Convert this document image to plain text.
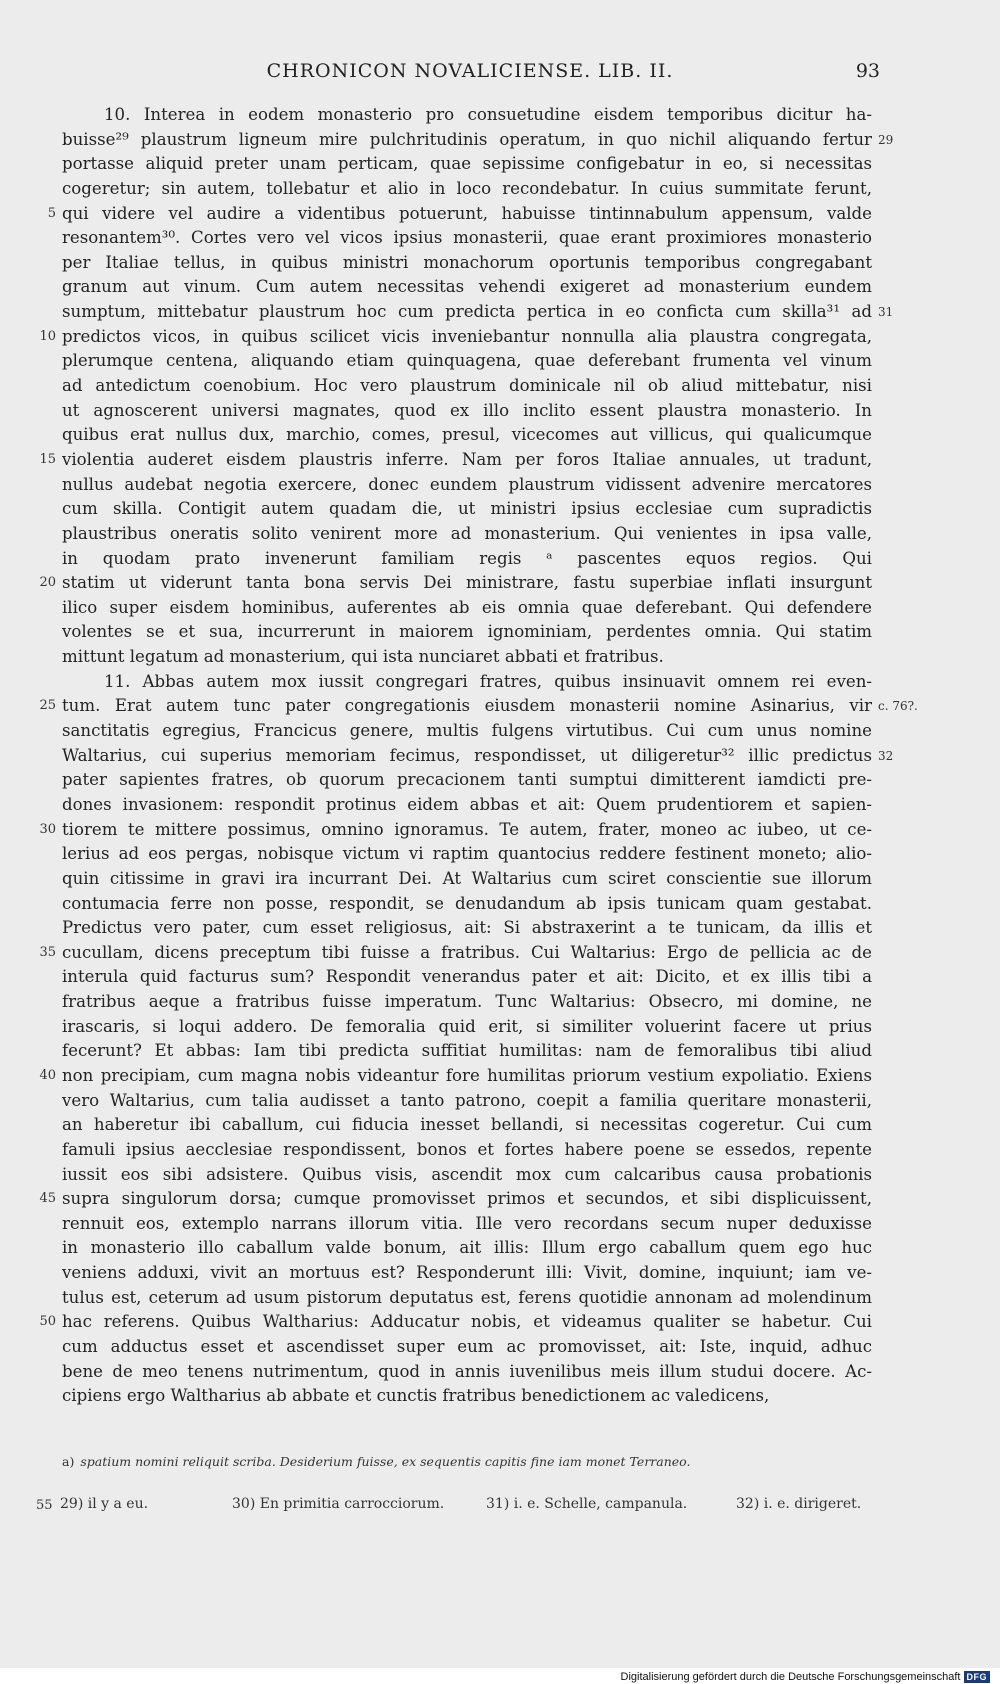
CHRONICON NOVALICIENSE. LIB. II.	93
10. Interea in eodem monasterio pro consuetudine eisdem temporibus dicitur ha-
buisse²⁹ plaustrum ligneum mire pulchritudinis operatum, in quo nichil aliquando fertur 29
portasse aliquid preter unam perticam, quae sepissime configebatur in eo, si necessitas
cogeretur; sin autem, tollebatur et alio in loco recondebatur. In cuius summitate ferunt,
5 qui videre vel audire a videntibus potuerunt, habuisse tintinnabulum appensum, valde
resonantem³⁰. Cortes vero vel vicos ipsius monasterii, quae erant proximiores monasterio
per Italiae tellus, in quibus ministri monachorum oportunis temporibus congregabant
granum aut vinum. Cum autem necessitas vehendi exigeret ad monasterium eundem
sumptum, mittebatur plaustrum hoc cum predicta pertica in eo conficta cum skilla³¹ ad 31
10 predictos vicos, in quibus scilicet vicis inveniebantur nonnulla alia plaustra congregata,
plerumque centena, aliquando etiam quinquagena, quae deferebant frumenta vel vinum
ad antedictum coenobium. Hoc vero plaustrum dominicale nil ob aliud mittebatur, nisi
ut agnoscerent universi magnates, quod ex illo inclito essent plaustra monasterio. In
quibus erat nullus dux, marchio, comes, presul, vicecomes aut villicus, qui qualicumque
15 violentia auderet eisdem plaustris inferre. Nam per foros Italiae annuales, ut tradunt,
nullus audebat negotia exercere, donec eundem plaustrum vidissent advenire mercatores
cum skilla. Contigit autem quadam die, ut ministri ipsius ecclesiae cum supradictis
plaustribus oneratis solito venirent more ad monasterium. Qui venientes in ipsa valle,
in quodam prato invenerunt familiam regis ᵃ pascentes equos regios. Qui
20 statim ut viderunt tanta bona servis Dei ministrare, fastu superbiae inflati insurgunt
ilico super eisdem hominibus, auferentes ab eis omnia quae deferebant. Qui defendere
volentes se et sua, incurrerunt in maiorem ignominiam, perdentes omnia. Qui statim
mittunt legatum ad monasterium, qui ista nunciaret abbati et fratribus.
11. Abbas autem mox iussit congregari fratres, quibus insinuavit omnem rei even-
25 tum. Erat autem tunc pater congregationis eiusdem monasterii nomine Asinarius, vir c. 76?.
sanctitatis egregius, Francicus genere, multis fulgens virtutibus. Cui cum unus nomine
Waltarius, cui superius memoriam fecimus, respondisset, ut diligeretur³² illic predictus 32
pater sapientes fratres, ob quorum precacionem tanti sumptui dimitterent iamdicti pre-
dones invasionem: respondit protinus eidem abbas et ait: Quem prudentiorem et sapien-
30 tiorem te mittere possimus, omnino ignoramus. Te autem, frater, moneo ac iubeo, ut ce-
lerius ad eos pergas, nobisque victum vi raptim quantocius reddere festinent moneto; alio-
quin citissime in gravi ira incurrant Dei. At Waltarius cum sciret conscientie sue illorum
contumacia ferre non posse, respondit, se denudandum ab ipsis tunicam quam gestabat.
Predictus vero pater, cum esset religiosus, ait: Si abstraxerint a te tunicam, da illis et
35 cucullam, dicens preceptum tibi fuisse a fratribus. Cui Waltarius: Ergo de pellicia ac de
interula quid facturus sum? Respondit venerandus pater et ait: Dicito, et ex illis tibi a
fratribus aeque a fratribus fuisse imperatum. Tunc Waltarius: Obsecro, mi domine, ne
irascaris, si loqui addero. De femoralia quid erit, si similiter voluerint facere ut prius
fecerunt? Et abbas: Iam tibi predicta suffitiat humilitas: nam de femoralibus tibi aliud
40 non precipiam, cum magna nobis videantur fore humilitas priorum vestium expoliatio. Exiens
vero Waltarius, cum talia audisset a tanto patrono, coepit a familia queritare monasterii,
an haberetur ibi caballum, cui fiducia inesset bellandi, si necessitas cogeretur. Cui cum
famuli ipsius aecclesiae respondissent, bonos et fortes habere poene se essedos, repente
iussit eos sibi adsistere. Quibus visis, ascendit mox cum calcaribus causa probationis
45 supra singulorum dorsa; cumque promovisset primos et secundos, et sibi displicuissent,
rennuit eos, extemplo narrans illorum vitia. Ille vero recordans secum nuper deduxisse
in monasterio illo caballum valde bonum, ait illis: Illum ergo caballum quem ego huc
veniens adduxi, vivit an mortuus est? Responderunt illi: Vivit, domine, inquiunt; iam ve-
tulus est, ceterum ad usum pistorum deputatus est, ferens quotidie annonam ad molendinum
50 hac referens. Quibus Waltharius: Adducatur nobis, et videamus qualiter se habetur. Cui
cum adductus esset et ascendisset super eum ac promovisset, ait: Iste, inquid, adhuc
bene de meo tenens nutrimentum, quod in annis iuvenilibus meis illum studui docere. Ac-
cipiens ergo Waltharius ab abbate et cunctis fratribus benedictionem ac valedicens,
a) spatium nomini reliquit scriba. Desiderium fuisse, ex sequentis capitis fine iam monet Terraneo.
55 29) il y a eu.	30) En primitia carrocciorum.	31) i. e. Schelle, campanula.	32) i. e. dirigeret.
Digitalisierung gefördert durch die Deutsche Forschungsgemeinschaft DFG
